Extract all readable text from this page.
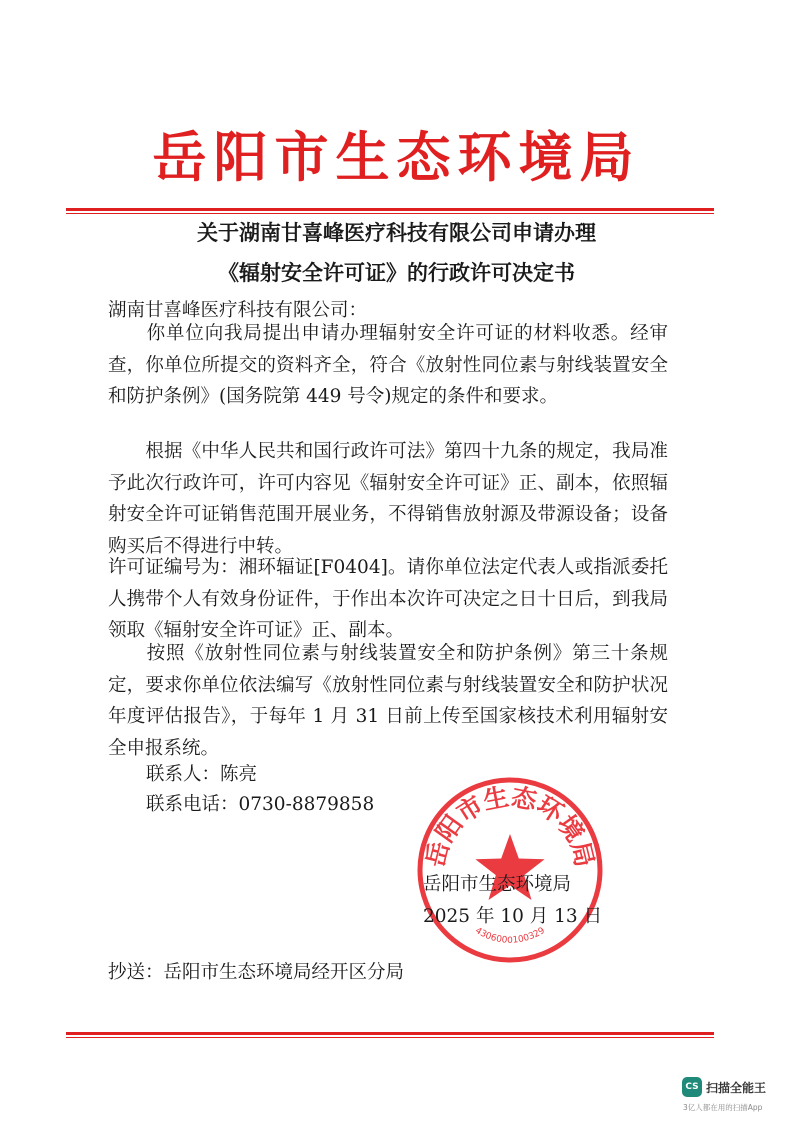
岳阳市生态环境局
关于湖南甘喜峰医疗科技有限公司申请办理
《辐射安全许可证》的行政许可决定书
湖南甘喜峰医疗科技有限公司：

　　你单位向我局提出申请办理辐射安全许可证的材料收悉。经审查，你单位所提交的资料齐全，符合《放射性同位素与射线装置安全和防护条例》(国务院第 449 号令)规定的条件和要求。

　　根据《中华人民共和国行政许可法》第四十九条的规定，我局准予此次行政许可，许可内容见《辐射安全许可证》正、副本，依照辐射安全许可证销售范围开展业务，不得销售放射源及带源设备；设备购买后不得进行中转。

许可证编号为：湘环辐证[F0404]。请你单位法定代表人或指派委托人携带个人有效身份证件，于作出本次许可决定之日十日后，到我局领取《辐射安全许可证》正、副本。

　　按照《放射性同位素与射线装置安全和防护条例》第三十条规定，要求你单位依法编写《放射性同位素与射线装置安全和防护状况年度评估报告》，于每年 1 月 31 日前上传至国家核技术利用辐射安全申报系统。

联系人：陈亮
联系电话：0730-8879858
岳阳市生态环境局
4306000100329
岳阳市生态环境局
2025 年 10 月 13 日
抄送：岳阳市生态环境局经开区分局
CS 扫描全能王
3亿人都在用的扫描App
